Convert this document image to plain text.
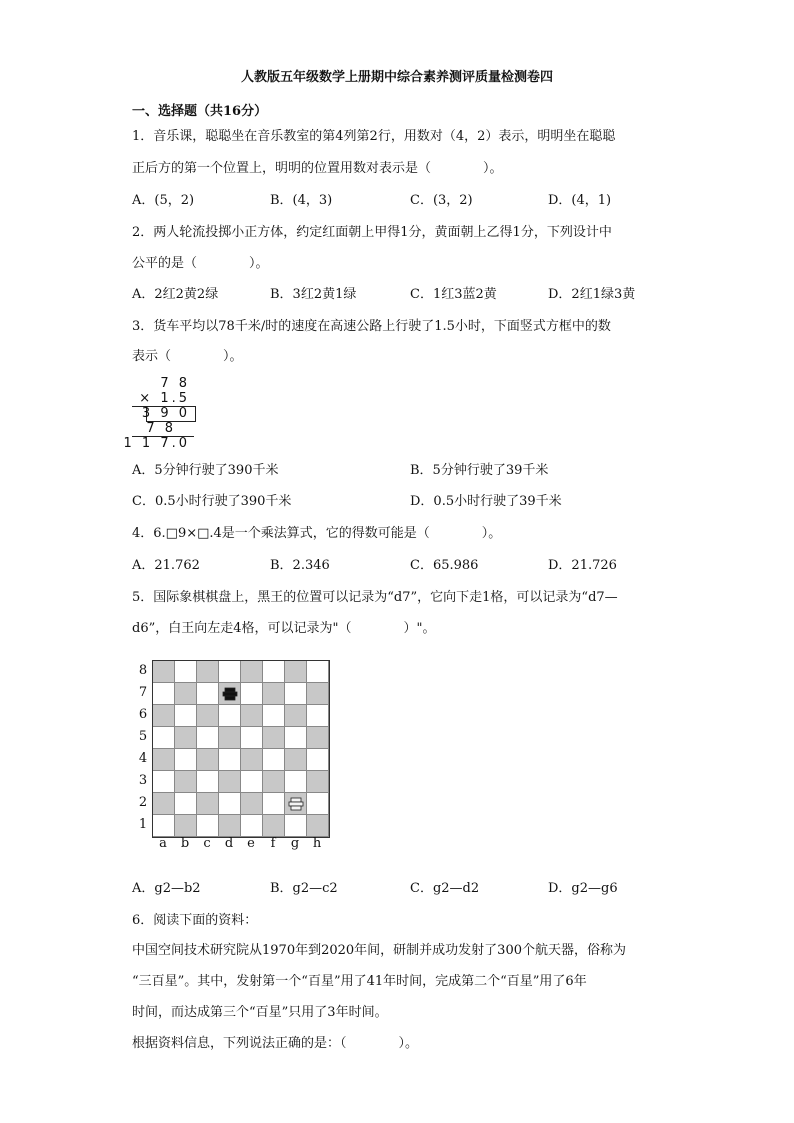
人教版五年级数学上册期中综合素养测评质量检测卷四
一、选择题（共16分）
1．音乐课，聪聪坐在音乐教室的第4列第2行，用数对（4，2）表示，明明坐在聪聪
正后方的第一个位置上，明明的位置用数对表示是（　　　　）。
A．(5，2)	B．(4，3)	C．(3，2)	D．(4，1)
2．两人轮流投掷小正方体，约定红面朝上甲得1分，黄面朝上乙得1分，下列设计中
公平的是（　　　　）。
A．2红2黄2绿	B．3红2黄1绿	C．1红3蓝2黄	D．2红1绿3黄
3．货车平均以78千米/时的速度在高速公路上行驶了1.5小时，下面竖式方框中的数
表示（　　　　）。
7 8
× 1.5
3 9 0
7 8
1 1 7.0
A．5分钟行驶了390千米	B．5分钟行驶了39千米
C．0.5小时行驶了390千米	D．0.5小时行驶了39千米
4．6.□9×□.4是一个乘法算式，它的得数可能是（　　　　）。
A．21.762	B．2.346	C．65.986	D．21.726
5．国际象棋棋盘上，黑王的位置可以记录为“d7”，它向下走1格，可以记录为“d7—
d6”，白王向左走4格，可以记录为"（　　　　）"。
8
7
6
5
4
3
2
1
a	b	c	d	e	f	g	h
A．g2—b2	B．g2—c2	C．g2—d2	D．g2—g6
6．阅读下面的资料：
中国空间技术研究院从1970年到2020年间，研制并成功发射了300个航天器，俗称为
“三百星”。其中，发射第一个“百星”用了41年时间，完成第二个“百星”用了6年
时间，而达成第三个“百星”只用了3年时间。
根据资料信息，下列说法正确的是：（　　　　）。
